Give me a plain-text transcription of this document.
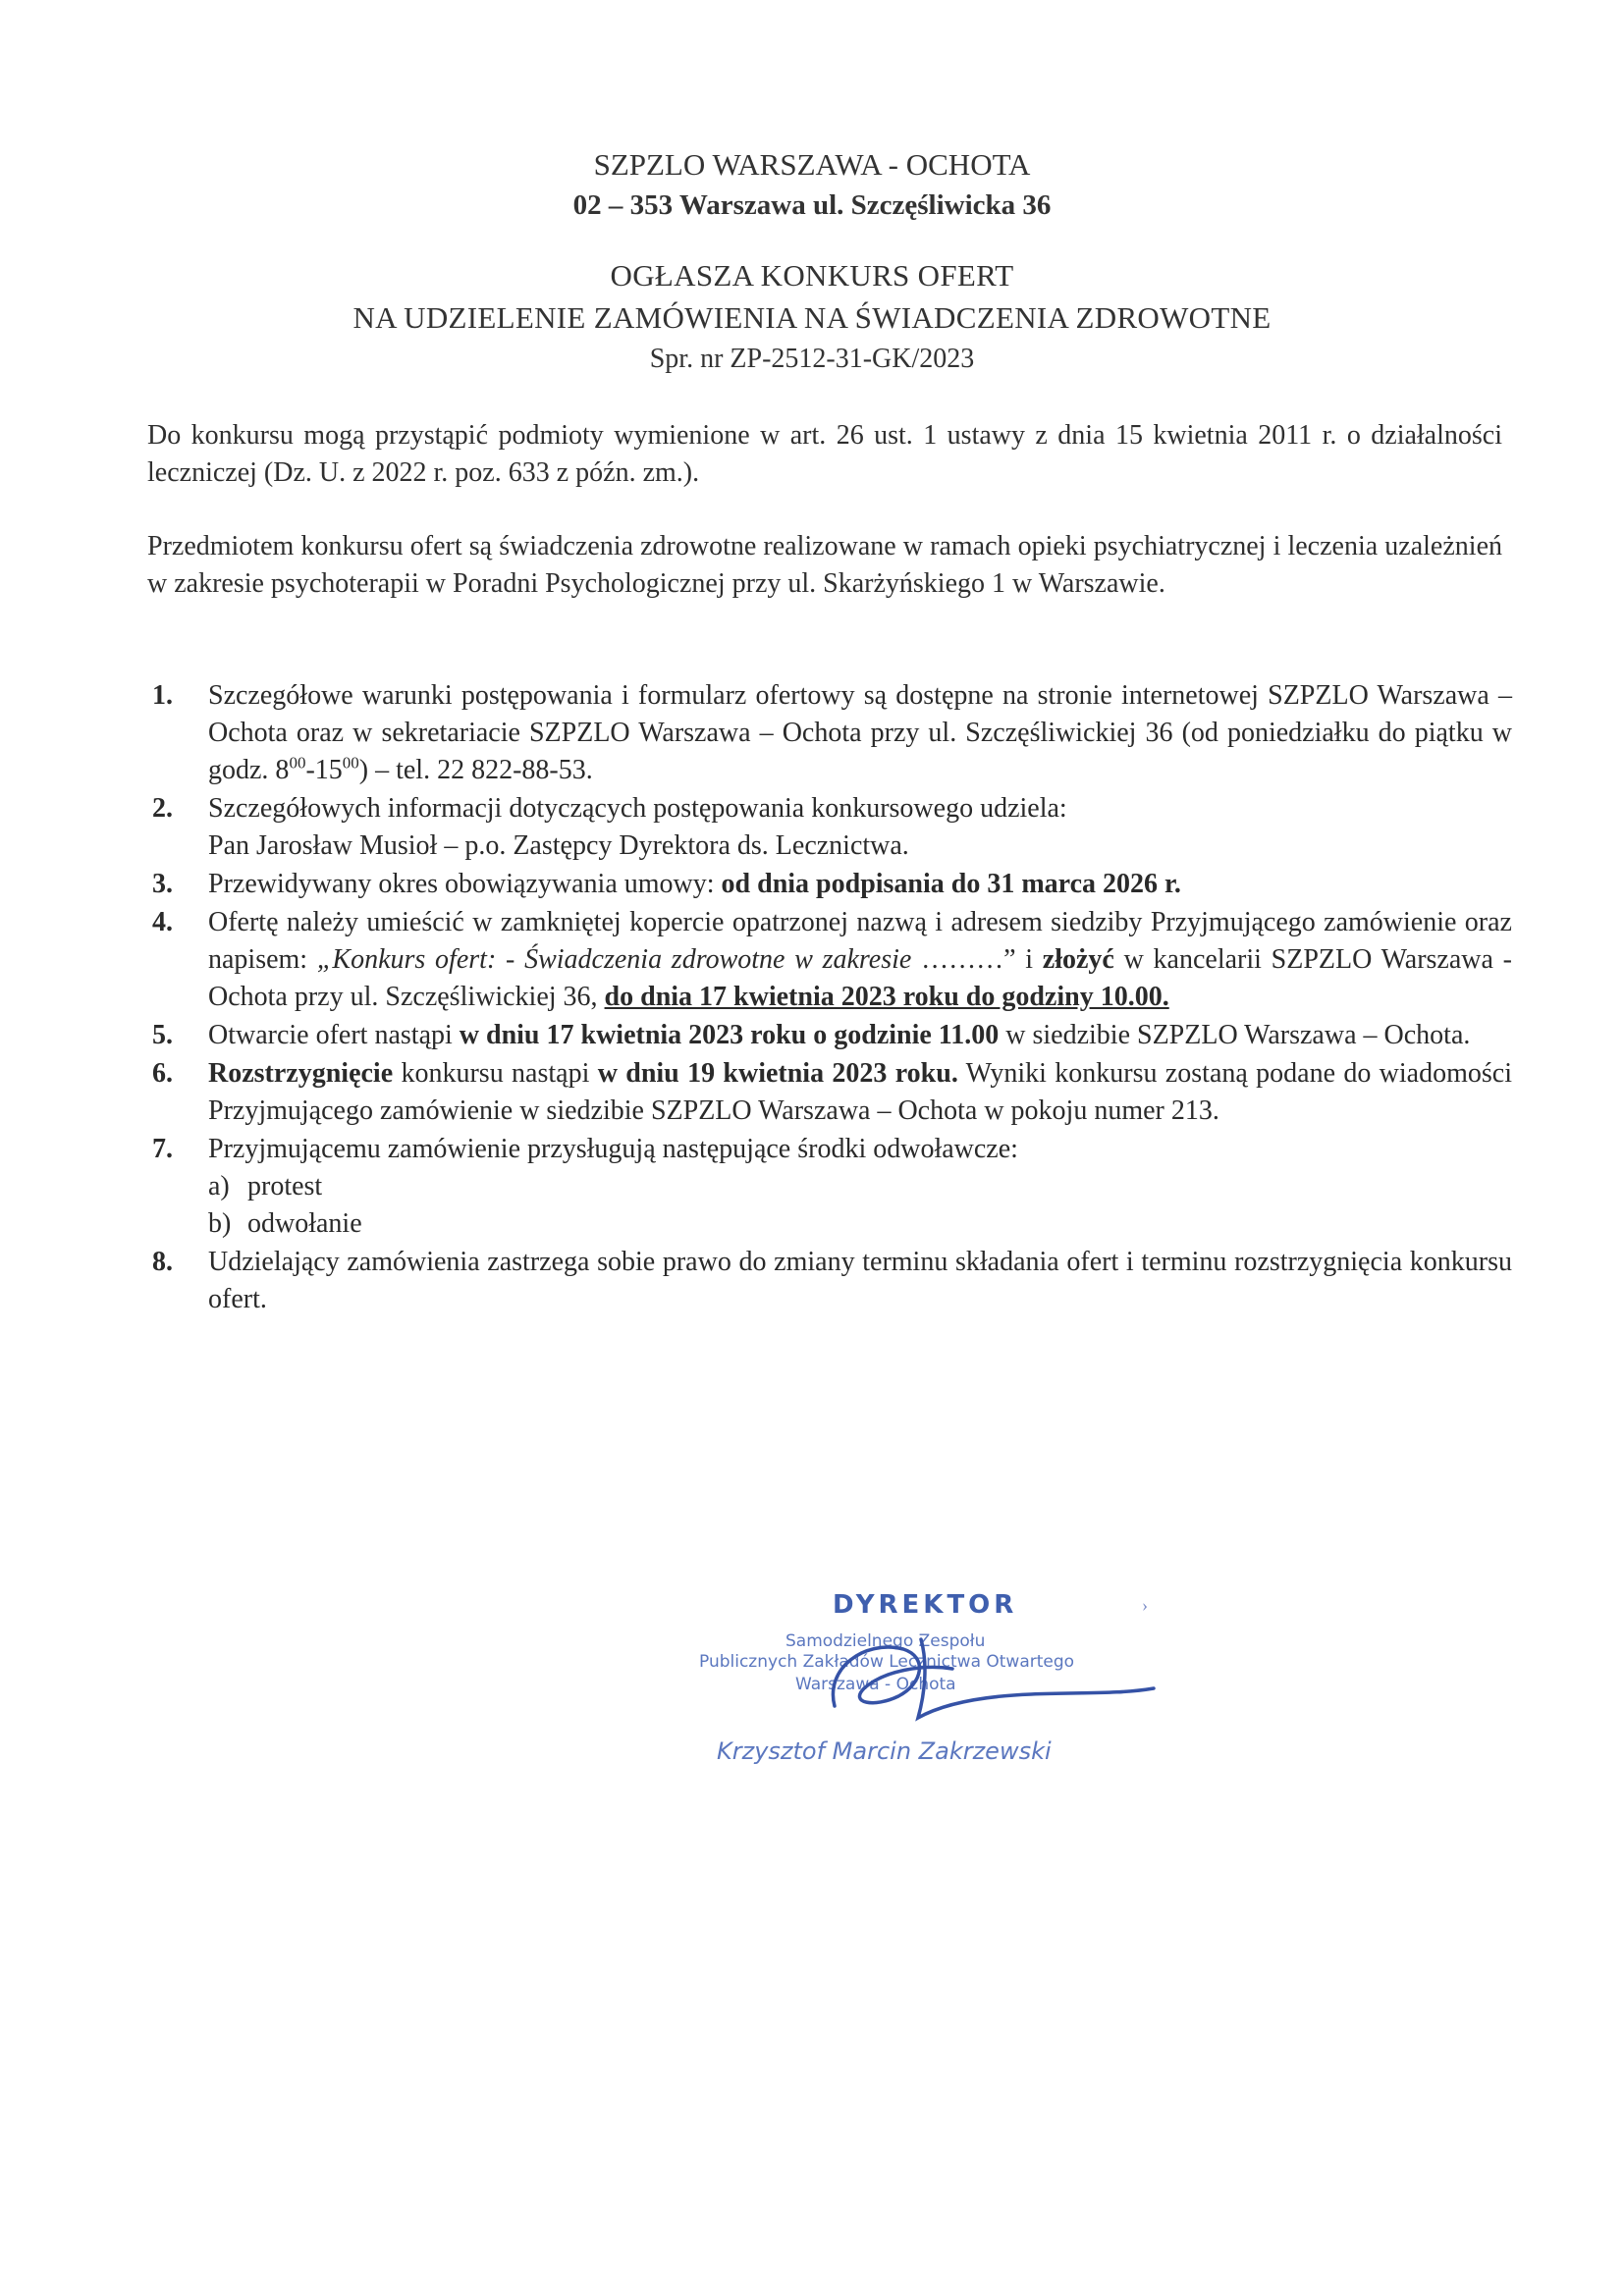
SZPZLO WARSZAWA - OCHOTA

02 – 353 Warszawa ul. Szczęśliwicka 36

OGŁASZA KONKURS OFERT

NA UDZIELENIE ZAMÓWIENIA NA ŚWIADCZENIA ZDROWOTNE

Spr. nr ZP-2512-31-GK/2023

Do konkursu mogą przystąpić podmioty wymienione w art. 26 ust. 1 ustawy z dnia 15 kwietnia 2011 r. o działalności leczniczej (Dz. U. z 2022 r. poz. 633 z późn. zm.).

Przedmiotem konkursu ofert są świadczenia zdrowotne realizowane w ramach opieki psychiatrycznej i leczenia uzależnień w zakresie psychoterapii w Poradni Psychologicznej przy ul. Skarżyńskiego 1 w Warszawie.

1. Szczegółowe warunki postępowania i formularz ofertowy są dostępne na stronie internetowej SZPZLO Warszawa – Ochota oraz w sekretariacie SZPZLO Warszawa – Ochota przy ul. Szczęśliwickiej 36 (od poniedziałku do piątku w godz. $8^{00}-15^{00}$) – tel. 22 822-88-53.
2. Szczegółowych informacji dotyczących postępowania konkursowego udziela:
Pan Jarosław Musioł – p.o. Zastępcy Dyrektora ds. Lecznictwa.
3. Przewidywany okres obowiązywania umowy: od dnia podpisania do 31 marca 2026 r.
4. Ofertę należy umieścić w zamkniętej kopercie opatrzonej nazwą i adresem siedziby Przyjmującego zamówienie oraz napisem: „Konkurs ofert: - Świadczenia zdrowotne w zakresie ………” i złożyć w kancelarii SZPZLO Warszawa - Ochota przy ul. Szczęśliwickiej 36, do dnia 17 kwietnia 2023 roku do godziny 10.00.
5. Otwarcie ofert nastąpi w dniu 17 kwietnia 2023 roku o godzinie 11.00 w siedzibie SZPZLO Warszawa – Ochota.
6. Rozstrzygnięcie konkursu nastąpi w dniu 19 kwietnia 2023 roku. Wyniki konkursu zostaną podane do wiadomości Przyjmującego zamówienie w siedzibie SZPZLO Warszawa – Ochota w pokoju numer 213.
7. Przyjmującemu zamówienie przysługują następujące środki odwoławcze:
a) protest
b) odwołanie
8. Udzielający zamówienia zastrzega sobie prawo do zmiany terminu składania ofert i terminu rozstrzygnięcia konkursu ofert.
DYREKTOR
Samodzielnego Zespołu
Publicznych Zakładów Lecznictwa Otwartego
Warszawa - Ochota
Krzysztof Marcin Zakrzewski
›
